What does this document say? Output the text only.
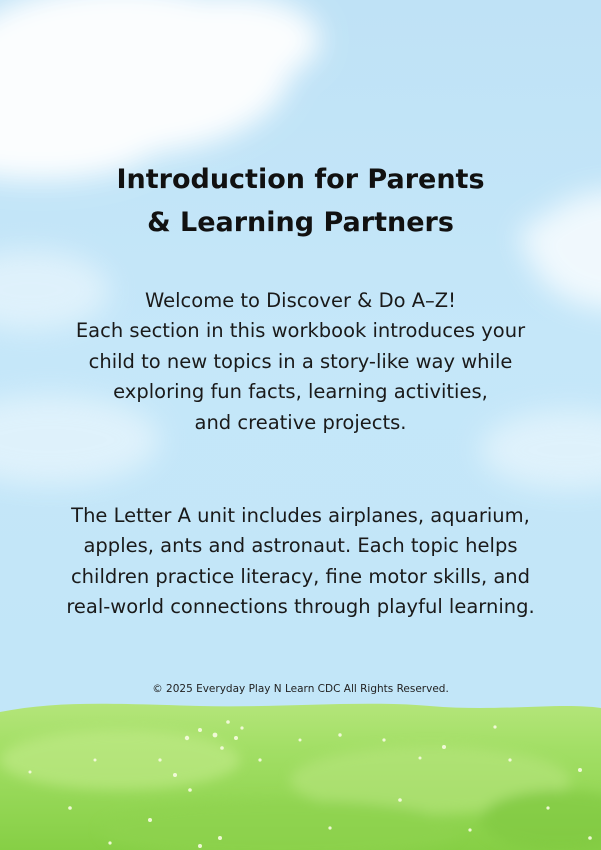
Introduction for Parents
& Learning Partners

Welcome to Discover & Do A–Z!
Each section in this workbook introduces your
child to new topics in a story-like way while
exploring fun facts, learning activities,
and creative projects.

The Letter A unit includes airplanes, aquarium,
apples, ants and astronaut. Each topic helps
children practice literacy, fine motor skills, and
real-world connections through playful learning.

© 2025 Everyday Play N Learn CDC All Rights Reserved.
